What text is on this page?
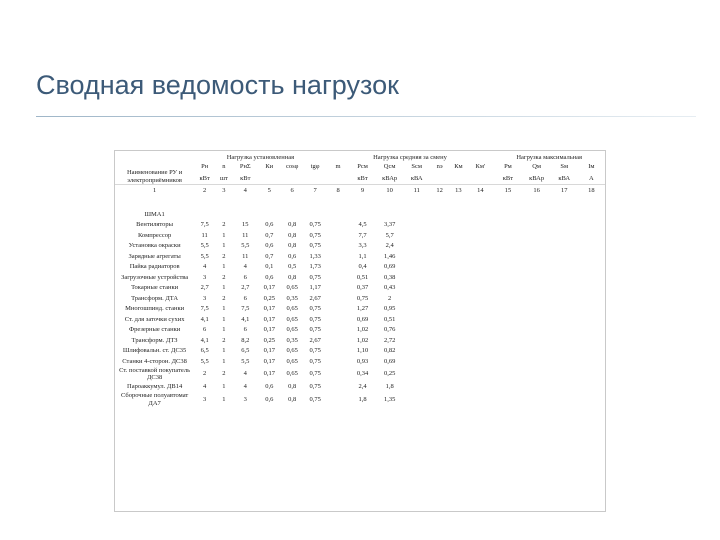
Сводная ведомость нагрузок
Наименование РУ и электроприёмников	Нагрузка установленная						Нагрузка средняя за смену							Нагрузка максимальная			
	Pн	n	PнΣ	Ки	cosφ	tgφ	m	Pсм	Qсм	Sсм	nэ	Км	Км'	Pм	Qм	Sм	Iм
	кВт	шт	кВт					кВт	кВАр	кВА				кВт	кВАр	кВА	А
1	2	3	4	5	6	7	8	9	10	11	12	13	14	15	16	17	18
ШМА1																	
Вентиляторы	7,5	2	15	0,6	0,8	0,75		4,5	3,37								
Компрессор	11	1	11	0,7	0,8	0,75		7,7	5,7								
Установка окраски	5,5	1	5,5	0,6	0,8	0,75		3,3	2,4								
Зарядные агрегаты	5,5	2	11	0,7	0,6	1,33		1,1	1,46								
Пайка радиаторов	4	1	4	0,1	0,5	1,73		0,4	0,69								
Загрузочные устройства	3	2	6	0,6	0,8	0,75		0,51	0,38								
Токарные станки	2,7	1	2,7	0,17	0,65	1,17		0,37	0,43								
Трансформ. ДТА	3	2	6	0,25	0,35	2,67		0,75	2								
Многошпинд. станки	7,5	1	7,5	0,17	0,65	0,75		1,27	0,95								
Ст. для заточки сухих	4,1	1	4,1	0,17	0,65	0,75		0,69	0,51								
Фрезерные станки	6	1	6	0,17	0,65	0,75		1,02	0,76								
Трансформ. ДТЗ	4,1	2	8,2	0,25	0,35	2,67		1,02	2,72								
Шлифовальн. ст. ДС35	6,5	1	6,5	0,17	0,65	0,75		1,10	0,82								
Станки 4-сторон. ДС38	5,5	1	5,5	0,17	0,65	0,75		0,93	0,69								
Ст. поставкой покупатель ДС38	2	2	4	0,17	0,65	0,75		0,34	0,25								
Пароаккумул. ДВ14	4	1	4	0,6	0,8	0,75		2,4	1,8								
Сборочные полуавтомат ДА7	3	1	3	0,6	0,8	0,75		1,8	1,35								
